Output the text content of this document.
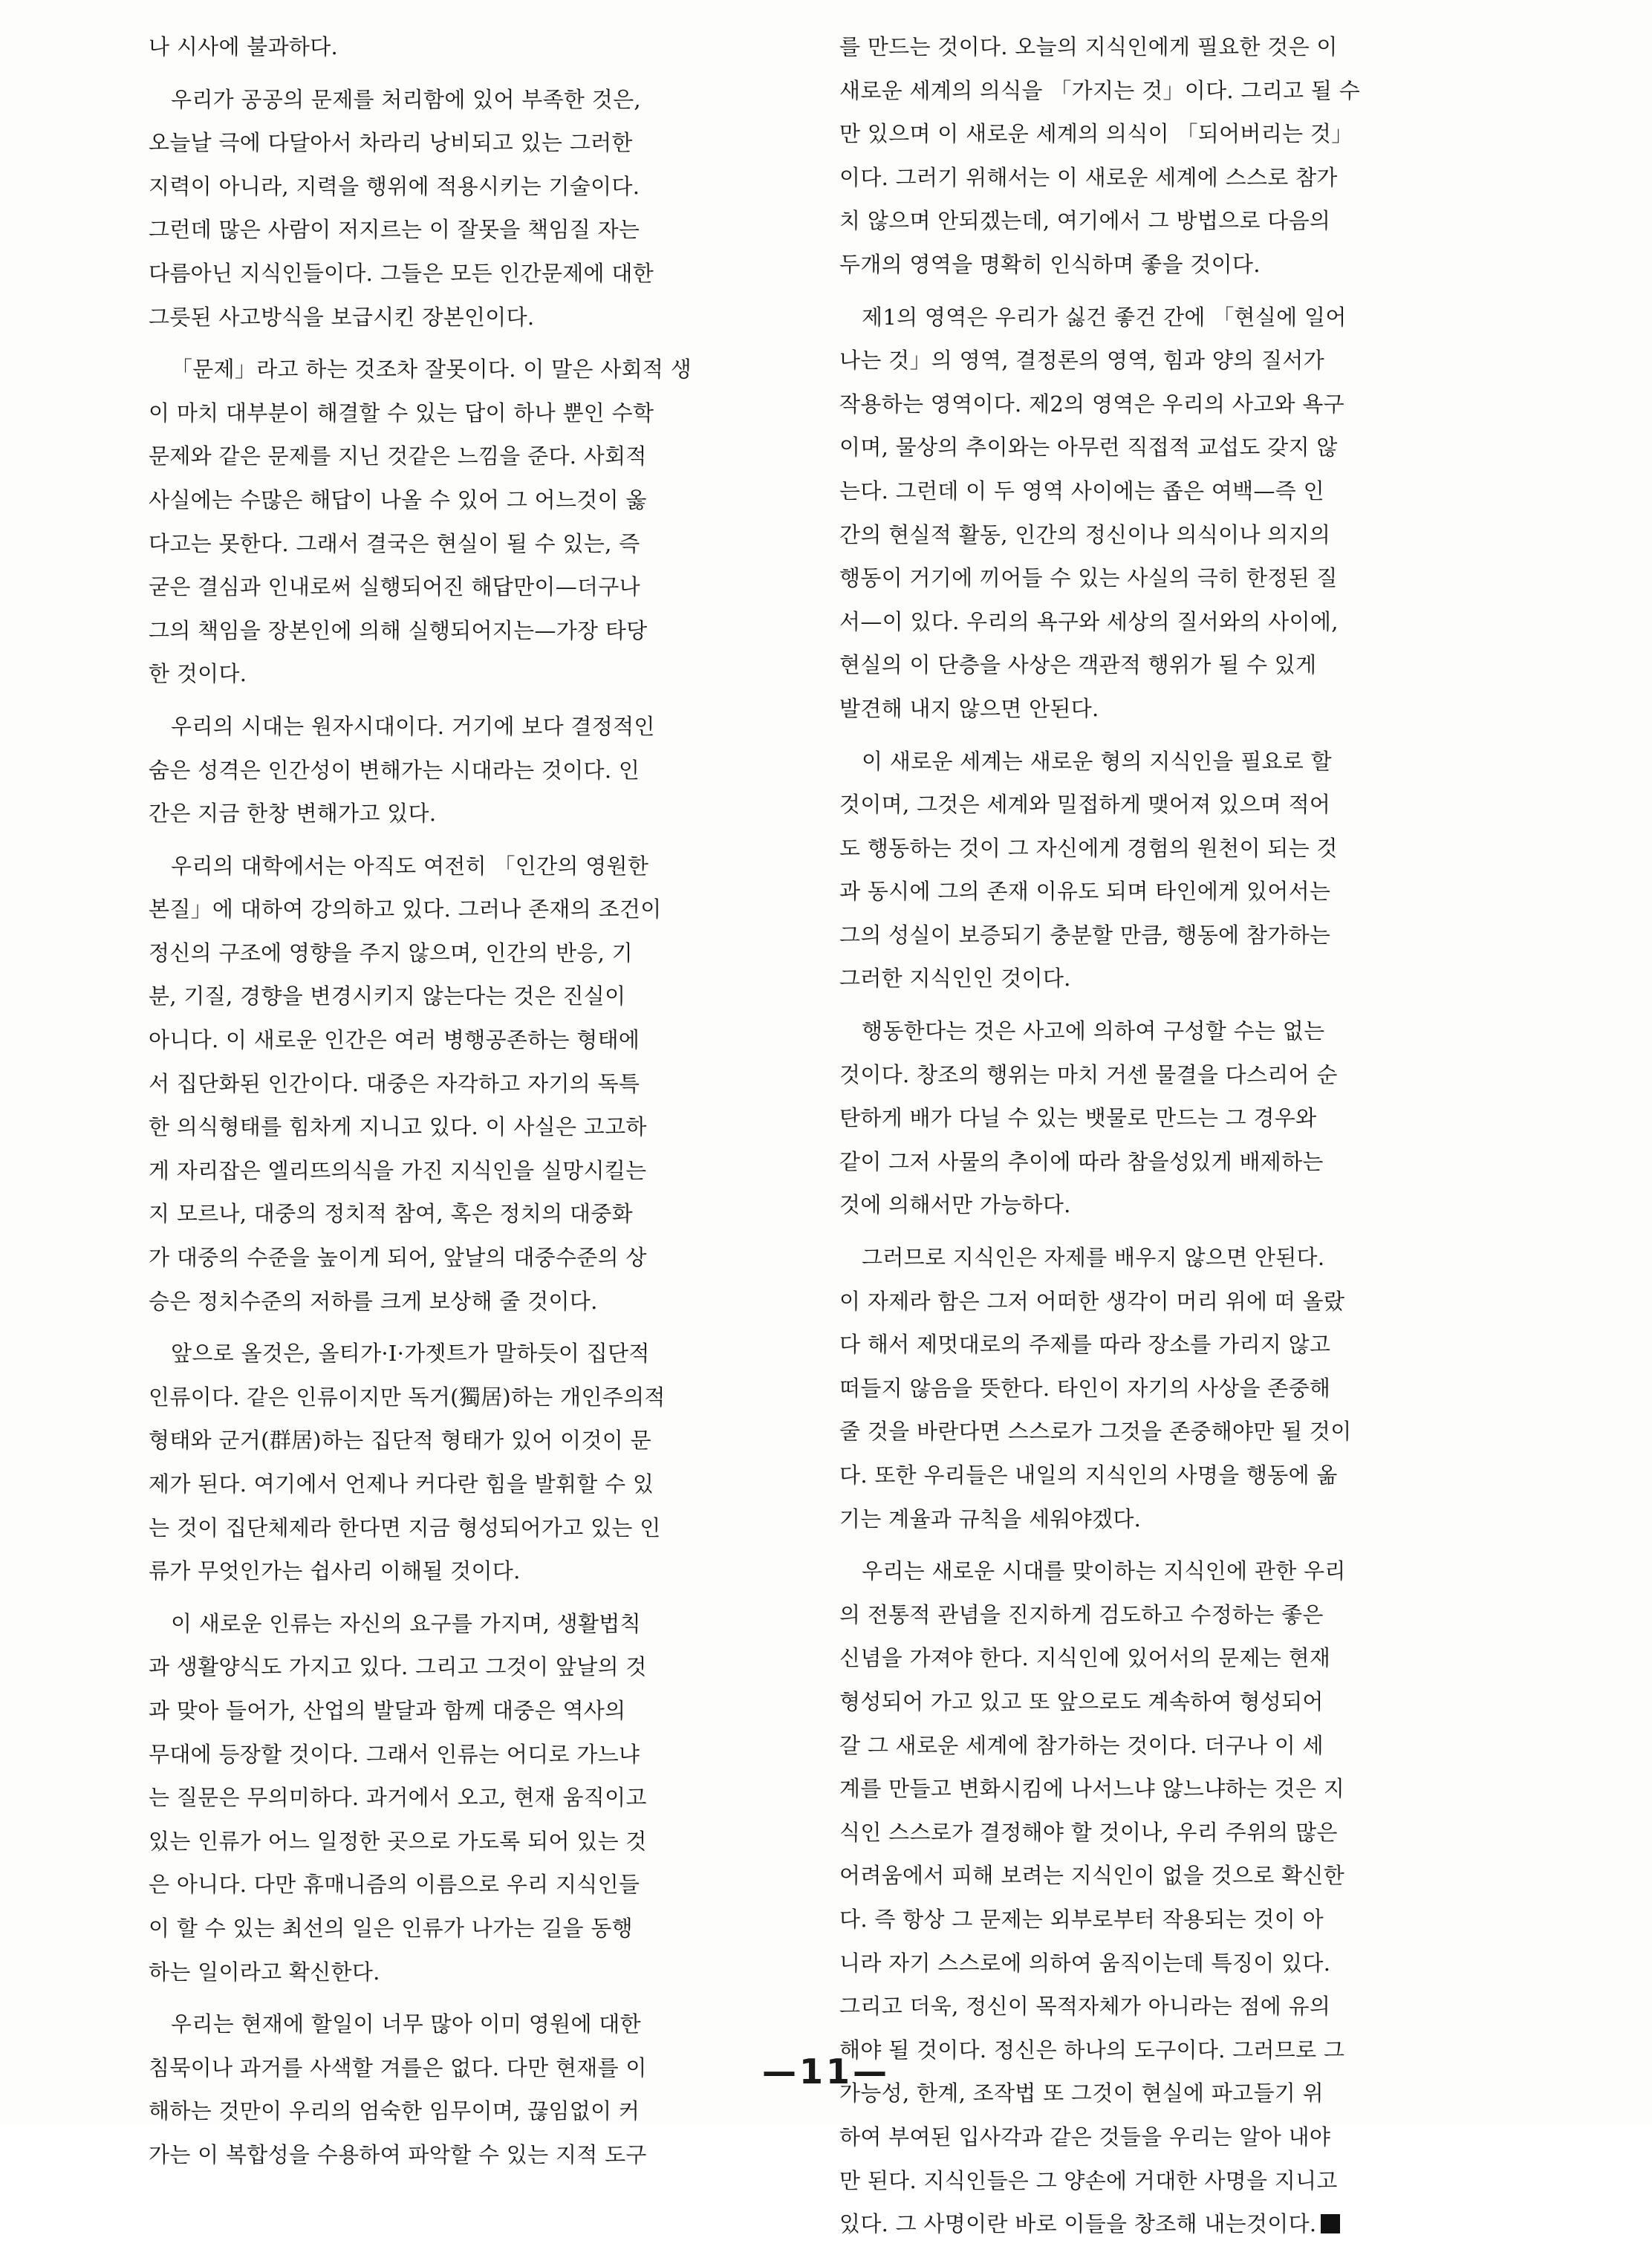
나 시사에 불과하다.
우리가 공공의 문제를 처리함에 있어 부족한 것은,
오늘날 극에 다달아서 차라리 낭비되고 있는 그러한
지력이 아니라, 지력을 행위에 적용시키는 기술이다.
그런데 많은 사람이 저지르는 이 잘못을 책임질 자는
다름아닌 지식인들이다. 그들은 모든 인간문제에 대한
그릇된 사고방식을 보급시킨 장본인이다.
「문제」라고 하는 것조차 잘못이다. 이 말은 사회적 생
이 마치 대부분이 해결할 수 있는 답이 하나 뿐인 수학
문제와 같은 문제를 지닌 것같은 느낌을 준다. 사회적
사실에는 수많은 해답이 나올 수 있어 그 어느것이 옳
다고는 못한다. 그래서 결국은 현실이 될 수 있는, 즉
굳은 결심과 인내로써 실행되어진 해답만이—더구나
그의 책임을 장본인에 의해 실행되어지는—가장 타당
한 것이다.
우리의 시대는 원자시대이다. 거기에 보다 결정적인
숨은 성격은 인간성이 변해가는 시대라는 것이다. 인
간은 지금 한창 변해가고 있다.
우리의 대학에서는 아직도 여전히 「인간의 영원한
본질」에 대하여 강의하고 있다. 그러나 존재의 조건이
정신의 구조에 영향을 주지 않으며, 인간의 반응, 기
분, 기질, 경향을 변경시키지 않는다는 것은 진실이
아니다. 이 새로운 인간은 여러 병행공존하는 형태에
서 집단화된 인간이다. 대중은 자각하고 자기의 독특
한 의식형태를 힘차게 지니고 있다. 이 사실은 고고하
게 자리잡은 엘리뜨의식을 가진 지식인을 실망시킬는
지 모르나, 대중의 정치적 참여, 혹은 정치의 대중화
가 대중의 수준을 높이게 되어, 앞날의 대중수준의 상
승은 정치수준의 저하를 크게 보상해 줄 것이다.
앞으로 올것은, 올티가·I·가젯트가 말하듯이 집단적
인류이다. 같은 인류이지만 독거(獨居)하는 개인주의적
형태와 군거(群居)하는 집단적 형태가 있어 이것이 문
제가 된다. 여기에서 언제나 커다란 힘을 발휘할 수 있
는 것이 집단체제라 한다면 지금 형성되어가고 있는 인
류가 무엇인가는 쉽사리 이해될 것이다.
이 새로운 인류는 자신의 요구를 가지며, 생활법칙
과 생활양식도 가지고 있다. 그리고 그것이 앞날의 것
과 맞아 들어가, 산업의 발달과 함께 대중은 역사의
무대에 등장할 것이다. 그래서 인류는 어디로 가느냐
는 질문은 무의미하다. 과거에서 오고, 현재 움직이고
있는 인류가 어느 일정한 곳으로 가도록 되어 있는 것
은 아니다. 다만 휴매니즘의 이름으로 우리 지식인들
이 할 수 있는 최선의 일은 인류가 나가는 길을 동행
하는 일이라고 확신한다.
우리는 현재에 할일이 너무 많아 이미 영원에 대한
침묵이나 과거를 사색할 겨를은 없다. 다만 현재를 이
해하는 것만이 우리의 엄숙한 임무이며, 끊임없이 커
가는 이 복합성을 수용하여 파악할 수 있는 지적 도구
를 만드는 것이다. 오늘의 지식인에게 필요한 것은 이
새로운 세계의 의식을 「가지는 것」이다. 그리고 될 수
만 있으며 이 새로운 세계의 의식이 「되어버리는 것」
이다. 그러기 위해서는 이 새로운 세계에 스스로 참가
치 않으며 안되겠는데, 여기에서 그 방법으로 다음의
두개의 영역을 명확히 인식하며 좋을 것이다.
제1의 영역은 우리가 싫건 좋건 간에 「현실에 일어
나는 것」의 영역, 결정론의 영역, 힘과 양의 질서가
작용하는 영역이다. 제2의 영역은 우리의 사고와 욕구
이며, 물상의 추이와는 아무런 직접적 교섭도 갖지 않
는다. 그런데 이 두 영역 사이에는 좁은 여백—즉 인
간의 현실적 활동, 인간의 정신이나 의식이나 의지의
행동이 거기에 끼어들 수 있는 사실의 극히 한정된 질
서—이 있다. 우리의 욕구와 세상의 질서와의 사이에,
현실의 이 단층을 사상은 객관적 행위가 될 수 있게
발견해 내지 않으면 안된다.
이 새로운 세계는 새로운 형의 지식인을 필요로 할
것이며, 그것은 세계와 밀접하게 맺어져 있으며 적어
도 행동하는 것이 그 자신에게 경험의 원천이 되는 것
과 동시에 그의 존재 이유도 되며 타인에게 있어서는
그의 성실이 보증되기 충분할 만큼, 행동에 참가하는
그러한 지식인인 것이다.
행동한다는 것은 사고에 의하여 구성할 수는 없는
것이다. 창조의 행위는 마치 거센 물결을 다스리어 순
탄하게 배가 다닐 수 있는 뱃물로 만드는 그 경우와
같이 그저 사물의 추이에 따라 참을성있게 배제하는
것에 의해서만 가능하다.
그러므로 지식인은 자제를 배우지 않으면 안된다.
이 자제라 함은 그저 어떠한 생각이 머리 위에 떠 올랐
다 해서 제멋대로의 주제를 따라 장소를 가리지 않고
떠들지 않음을 뜻한다. 타인이 자기의 사상을 존중해
줄 것을 바란다면 스스로가 그것을 존중해야만 될 것이
다. 또한 우리들은 내일의 지식인의 사명을 행동에 옮
기는 계율과 규칙을 세워야겠다.
우리는 새로운 시대를 맞이하는 지식인에 관한 우리
의 전통적 관념을 진지하게 검도하고 수정하는 좋은
신념을 가져야 한다. 지식인에 있어서의 문제는 현재
형성되어 가고 있고 또 앞으로도 계속하여 형성되어
갈 그 새로운 세계에 참가하는 것이다. 더구나 이 세
계를 만들고 변화시킴에 나서느냐 않느냐하는 것은 지
식인 스스로가 결정해야 할 것이나, 우리 주위의 많은
어려움에서 피해 보려는 지식인이 없을 것으로 확신한
다. 즉 항상 그 문제는 외부로부터 작용되는 것이 아
니라 자기 스스로에 의하여 움직이는데 특징이 있다.
그리고 더욱, 정신이 목적자체가 아니라는 점에 유의
해야 될 것이다. 정신은 하나의 도구이다. 그러므로 그
가능성, 한계, 조작법 또 그것이 현실에 파고들기 위
하여 부여된 입사각과 같은 것들을 우리는 알아 내야
만 된다. 지식인들은 그 양손에 거대한 사명을 지니고
있다. 그 사명이란 바로 이들을 창조해 내는것이다.
—11—
